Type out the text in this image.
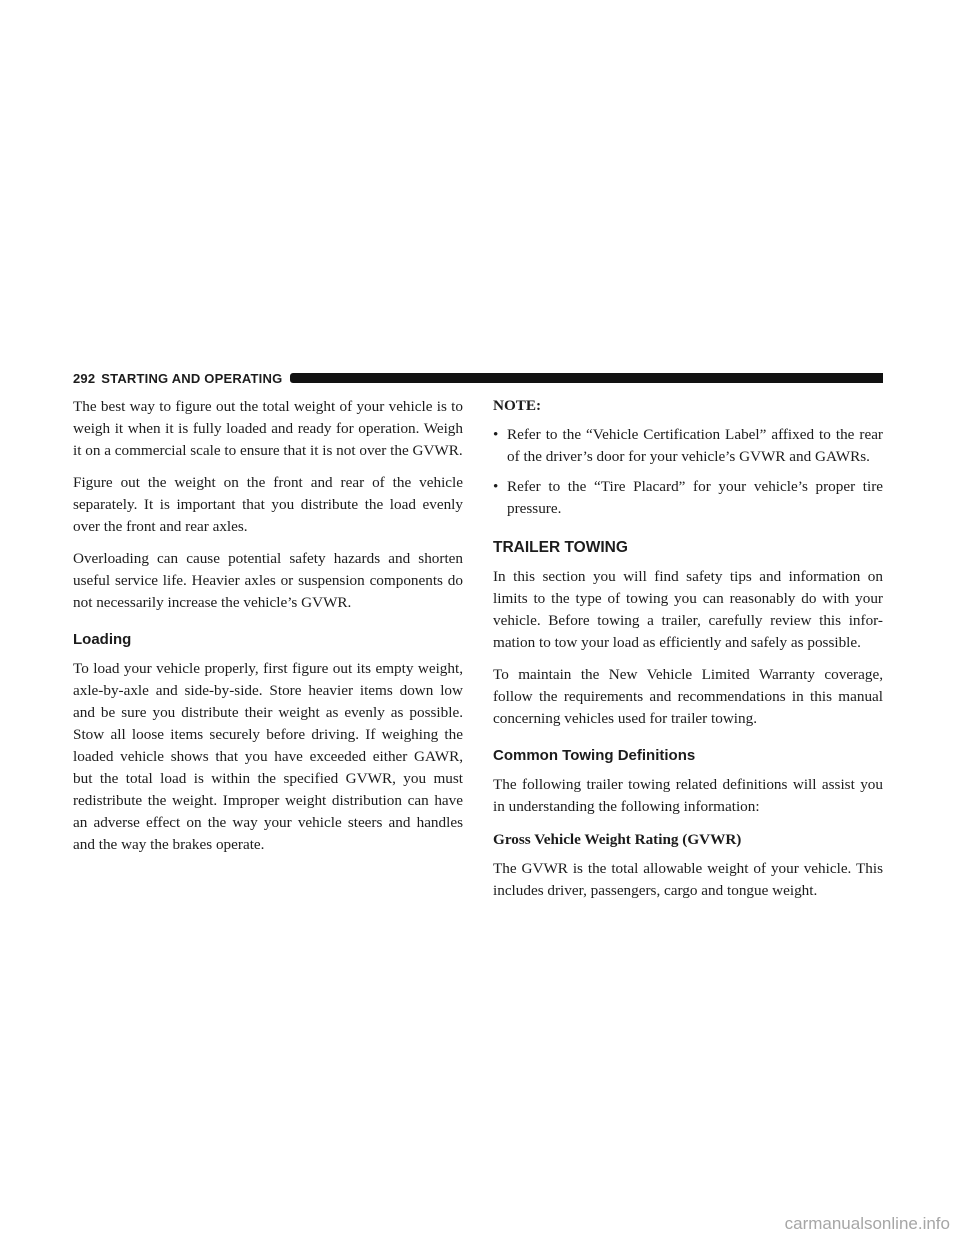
292 STARTING AND OPERATING

The best way to figure out the total weight of your vehicle is to weigh it when it is fully loaded and ready for operation. Weigh it on a commercial scale to ensure that it is not over the GVWR.

Figure out the weight on the front and rear of the vehicle separately. It is important that you distribute the load evenly over the front and rear axles.

Overloading can cause potential safety hazards and shorten useful service life. Heavier axles or suspension components do not necessarily increase the vehicle’s GVWR.

Loading

To load your vehicle properly, first figure out its empty weight, axle-by-axle and side-by-side. Store heavier items down low and be sure you distribute their weight as evenly as possible. Stow all loose items securely before driving. If weighing the loaded vehicle shows that you have exceeded either GAWR, but the total load is within the specified GVWR, you must redistribute the weight. Improper weight distribution can have an adverse effect on the way your vehicle steers and handles and the way the brakes operate.

NOTE:
• Refer to the “Vehicle Certification Label” affixed to the rear of the driver’s door for your vehicle’s GVWR and GAWRs.
• Refer to the “Tire Placard” for your vehicle’s proper tire pressure.
TRAILER TOWING

In this section you will find safety tips and information on limits to the type of towing you can reasonably do with your vehicle. Before towing a trailer, carefully review this infor-mation to tow your load as efficiently and safely as possible.

To maintain the New Vehicle Limited Warranty coverage, follow the requirements and recommendations in this manual concerning vehicles used for trailer towing.

Common Towing Definitions

The following trailer towing related definitions will assist you in understanding the following information:

Gross Vehicle Weight Rating (GVWR)

The GVWR is the total allowable weight of your vehicle. This includes driver, passengers, cargo and tongue weight.

carmanualsonline.info
